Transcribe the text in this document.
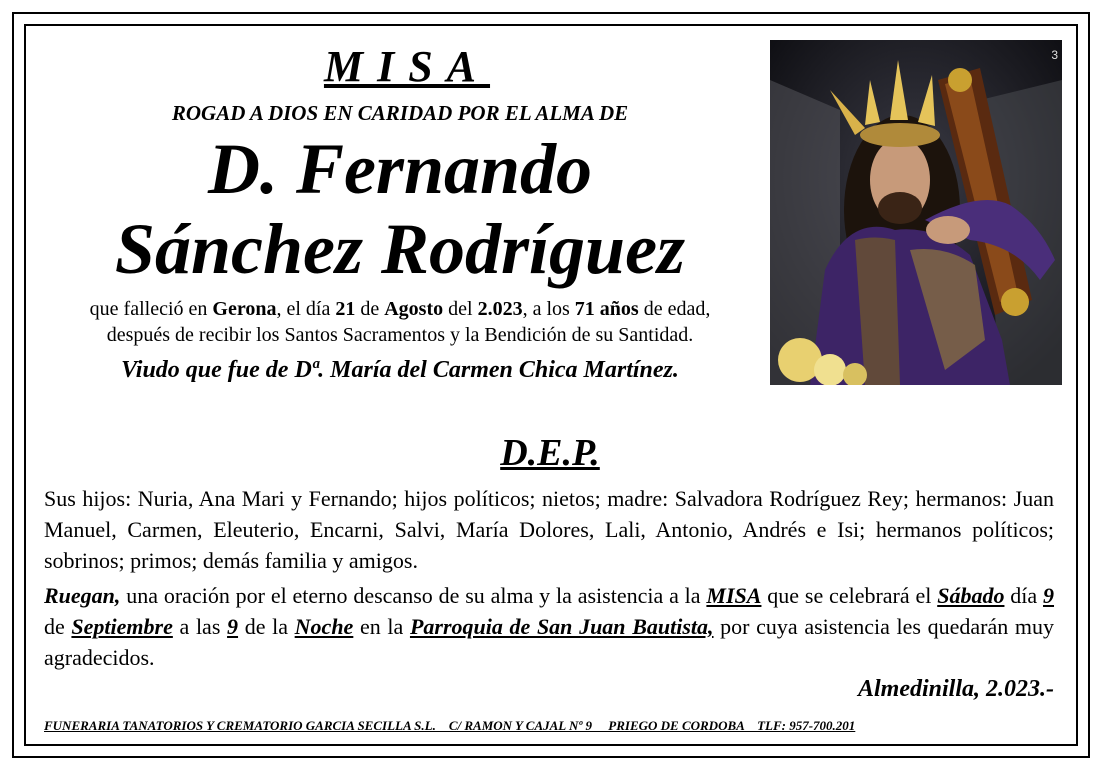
MISA
ROGAD A DIOS EN CARIDAD POR EL ALMA DE
D. Fernando
Sánchez Rodríguez
que falleció en Gerona, el día 21 de Agosto del 2.023, a los 71 años de edad,
después de recibir los Santos Sacramentos y la Bendición de su Santidad.
Viudo que fue de Dª. María del Carmen Chica Martínez.
3
D.E.P.
Sus hijos: Nuria, Ana Mari y Fernando; hijos políticos; nietos; madre: Salvadora Rodríguez Rey; hermanos: Juan Manuel, Carmen, Eleuterio, Encarni, Salvi, María Dolores, Lali, Antonio, Andrés e Isi; hermanos políticos; sobrinos; primos; demás familia y amigos.
Ruegan, una oración por el eterno descanso de su alma y la asistencia a la MISA que se celebrará el Sábado día 9 de Septiembre a las 9 de la Noche en la Parroquia de San Juan Bautista, por cuya asistencia les quedarán muy agradecidos.
Almedinilla, 2.023.-
FUNERARIA TANATORIOS Y CREMATORIO GARCIA SECILLA S.L.    C/ RAMON Y CAJAL Nº 9     PRIEGO DE CORDOBA    TLF: 957-700.201
